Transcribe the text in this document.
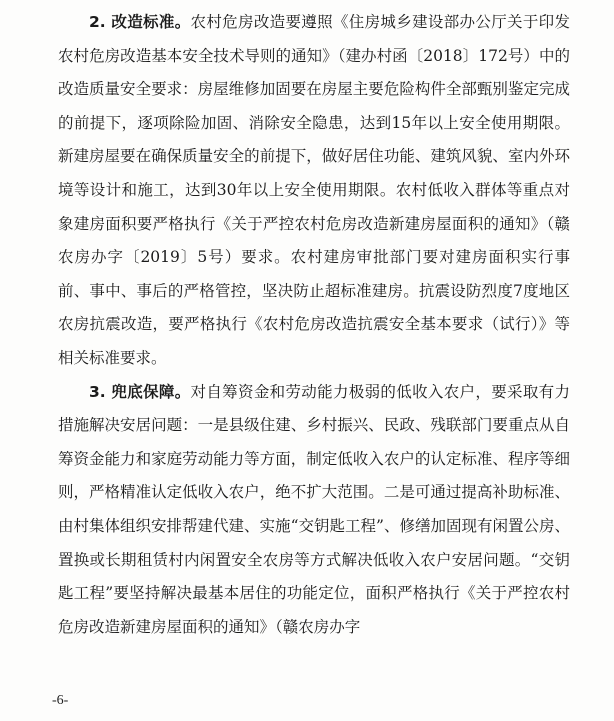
2. 改造标准。农村危房改造要遵照《住房城乡建设部办公厅关于印发农村危房改造基本安全技术导则的通知》（建办村函〔2018〕172号）中的改造质量安全要求：房屋维修加固要在房屋主要危险构件全部甄别鉴定完成的前提下，逐项除险加固、消除安全隐患，达到15年以上安全使用期限。新建房屋要在确保质量安全的前提下，做好居住功能、建筑风貌、室内外环境等设计和施工，达到30年以上安全使用期限。农村低收入群体等重点对象建房面积要严格执行《关于严控农村危房改造新建房屋面积的通知》（赣农房办字〔2019〕5号）要求。农村建房审批部门要对建房面积实行事前、事中、事后的严格管控，坚决防止超标准建房。抗震设防烈度7度地区农房抗震改造，要严格执行《农村危房改造抗震安全基本要求（试行）》等相关标准要求。

3. 兜底保障。对自筹资金和劳动能力极弱的低收入农户，要采取有力措施解决安居问题：一是县级住建、乡村振兴、民政、残联部门要重点从自筹资金能力和家庭劳动能力等方面，制定低收入农户的认定标准、程序等细则，严格精准认定低收入农户，绝不扩大范围。二是可通过提高补助标准、由村集体组织安排帮建代建、实施“交钥匙工程”、修缮加固现有闲置公房、置换或长期租赁村内闲置安全农房等方式解决低收入农户安居问题。“交钥匙工程”要坚持解决最基本居住的功能定位，面积严格执行《关于严控农村危房改造新建房屋面积的通知》（赣农房办字

-6-
